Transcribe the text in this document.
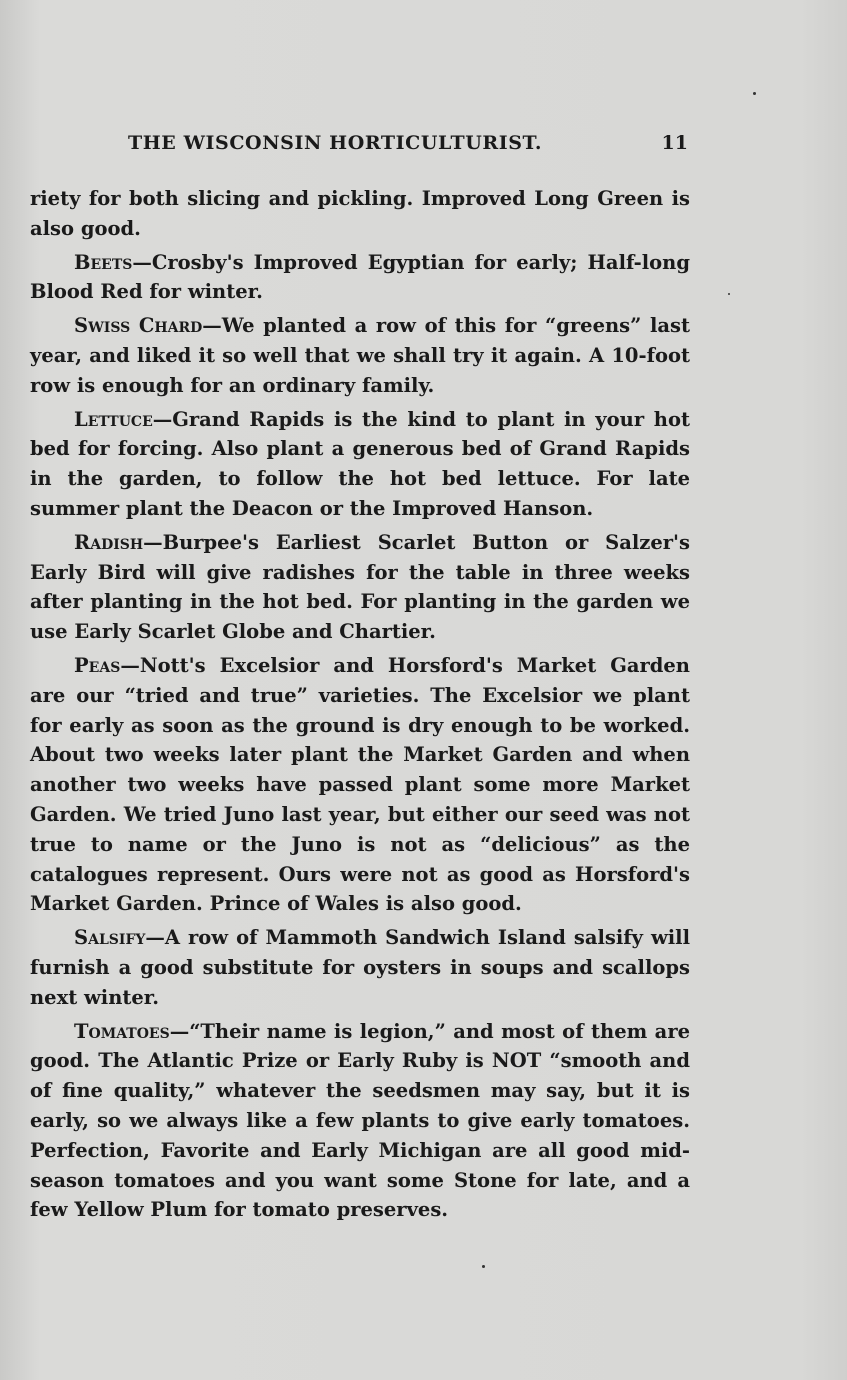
THE WISCONSIN HORTICULTURIST.	11

riety for both slicing and pickling. Improved Long Green is also good.

Beets—Crosby's Improved Egyptian for early; Half-long Blood Red for winter.

Swiss Chard—We planted a row of this for “greens” last year, and liked it so well that we shall try it again. A 10-foot row is enough for an ordinary family.

Lettuce—Grand Rapids is the kind to plant in your hot bed for forcing. Also plant a generous bed of Grand Rapids in the garden, to follow the hot bed lettuce. For late summer plant the Deacon or the Improved Hanson.

Radish—Burpee's Earliest Scarlet Button or Salzer's Early Bird will give radishes for the table in three weeks after planting in the hot bed. For planting in the garden we use Early Scarlet Globe and Chartier.

Peas—Nott's Excelsior and Horsford's Market Garden are our “tried and true” varieties. The Excelsior we plant for early as soon as the ground is dry enough to be worked. About two weeks later plant the Market Garden and when another two weeks have passed plant some more Market Garden. We tried Juno last year, but either our seed was not true to name or the Juno is not as “delicious” as the catalogues represent. Ours were not as good as Horsford's Market Garden. Prince of Wales is also good.

Salsify—A row of Mammoth Sandwich Island salsify will furnish a good substitute for oysters in soups and scallops next winter.

Tomatoes—“Their name is legion,” and most of them are good. The Atlantic Prize or Early Ruby is NOT “smooth and of fine quality,” whatever the seedsmen may say, but it is early, so we always like a few plants to give early tomatoes. Perfection, Favorite and Early Michigan are all good mid-season tomatoes and you want some Stone for late, and a few Yellow Plum for tomato preserves.
